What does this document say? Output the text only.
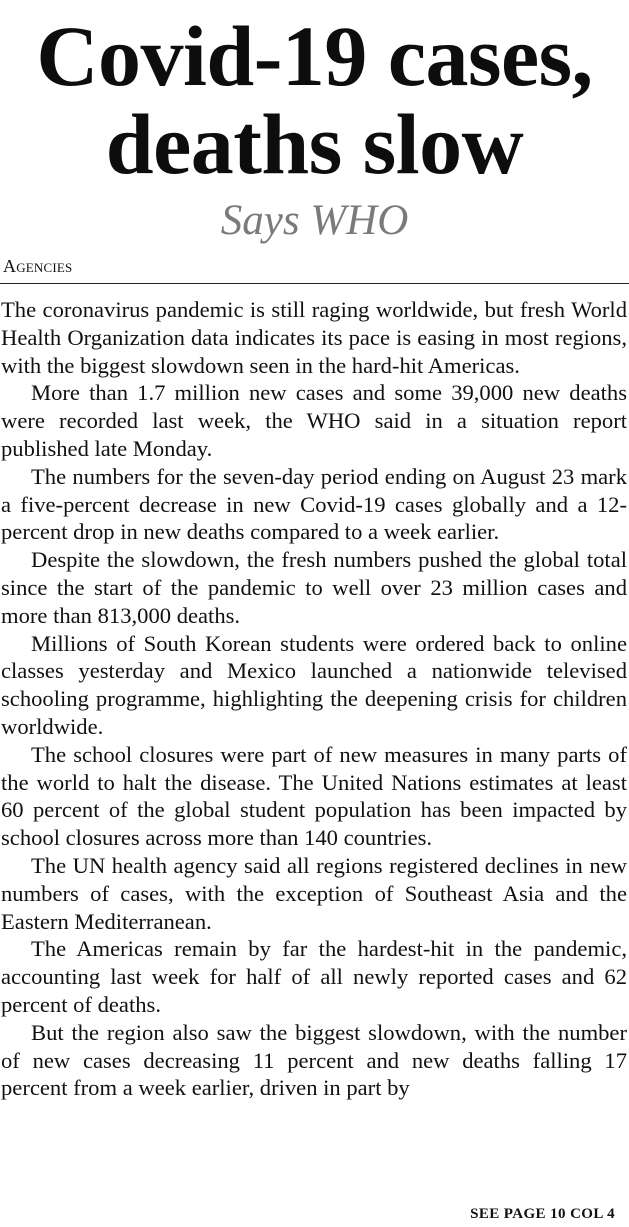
Covid-19 cases,
deaths slow
Says WHO
Agencies

The coronavirus pandemic is still raging worldwide, but fresh World Health Organization data indicates its pace is easing in most regions, with the biggest slowdown seen in the hard-hit Americas.

More than 1.7 million new cases and some 39,000 new deaths were recorded last week, the WHO said in a situation report published late Monday.

The numbers for the seven-day period ending on August 23 mark a five-percent decrease in new Covid-19 cases globally and a 12-percent drop in new deaths compared to a week earlier.

Despite the slowdown, the fresh numbers pushed the global total since the start of the pandemic to well over 23 million cases and more than 813,000 deaths.

Millions of South Korean students were ordered back to online classes yesterday and Mexico launched a nationwide televised schooling programme, highlighting the deepening crisis for children worldwide.

The school closures were part of new measures in many parts of the world to halt the disease. The United Nations estimates at least 60 percent of the global student population has been impacted by school closures across more than 140 countries.

The UN health agency said all regions registered declines in new numbers of cases, with the exception of Southeast Asia and the Eastern Mediterranean.

The Americas remain by far the hardest-hit in the pandemic, accounting last week for half of all newly reported cases and 62 percent of deaths.

But the region also saw the biggest slowdown, with the number of new cases decreasing 11 percent and new deaths falling 17 percent from a week earlier, driven in part by

SEE PAGE 10 COL 4
